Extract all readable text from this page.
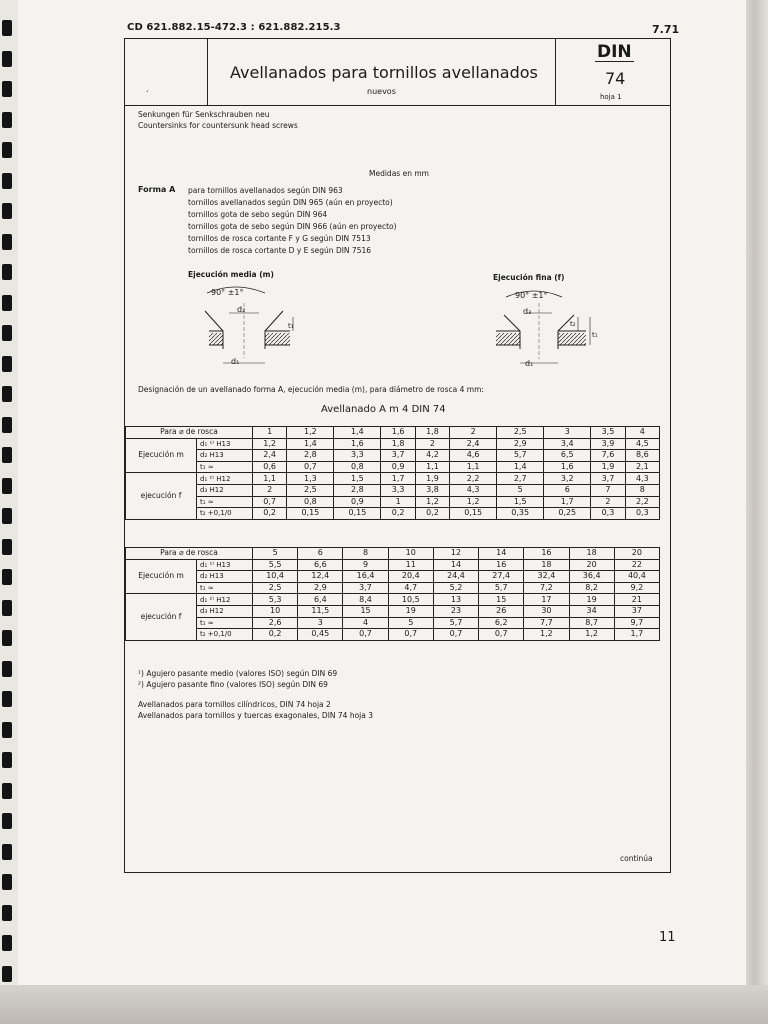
CD 621.882.15-472.3 : 621.882.215.3	7.71
ˏ
Avellanados para tornillos avellanados
nuevos
DIN
74
hoja 1
Senkungen für Senkschrauben neu
Countersinks for countersunk head screws
Medidas en mm
Forma A para tornillos avellanados según DIN 963
tornillos avellanados según DIN 965 (aún en proyecto)
tornillos gota de sebo según DIN 964
tornillos gota de sebo según DIN 966 (aún en proyecto)
tornillos de rosca cortante F y G según DIN 7513
tornillos de rosca cortante D y E según DIN 7516
Ejecución media (m)	Ejecución fina (f)
90° ±1°
d₂
t₁
d₁
90° ±1°
d₃
t₂
t₁
d₁
Designación de un avellanado forma A, ejecución media (m), para diámetro de rosca 4 mm:
Avellanado A m 4 DIN 74
Para ⌀ de rosca		1	1,2	1,4	1,6	1,8	2	2,5	3	3,5	4
Ejecución m	d₁ ¹⁾ H13	1,2	1,4	1,6	1,8	2	2,4	2,9	3,4	3,9	4,5
	d₂ H13	2,4	2,8	3,3	3,7	4,2	4,6	5,7	6,5	7,6	8,6
	t₁ ≈	0,6	0,7	0,8	0,9	1,1	1,1	1,4	1,6	1,9	2,1
ejecución f	d₁ ²⁾ H12	1,1	1,3	1,5	1,7	1,9	2,2	2,7	3,2	3,7	4,3
	d₃ H12	2	2,5	2,8	3,3	3,8	4,3	5	6	7	8
	t₁ ≈	0,7	0,8	0,9	1	1,2	1,2	1,5	1,7	2	2,2
	t₂ +0,1/0	0,2	0,15	0,15	0,2	0,2	0,15	0,35	0,25	0,3	0,3
Para ⌀ de rosca		5	6	8	10	12	14	16	18	20
Ejecución m	d₁ ¹⁾ H13	5,5	6,6	9	11	14	16	18	20	22
	d₂ H13	10,4	12,4	16,4	20,4	24,4	27,4	32,4	36,4	40,4
	t₁ ≈	2,5	2,9	3,7	4,7	5,2	5,7	7,2	8,2	9,2
ejecución f	d₁ ²⁾ H12	5,3	6,4	8,4	10,5	13	15	17	19	21
	d₃ H12	10	11,5	15	19	23	26	30	34	37
	t₁ ≈	2,6	3	4	5	5,7	6,2	7,7	8,7	9,7
	t₂ +0,1/0	0,2	0,45	0,7	0,7	0,7	0,7	1,2	1,2	1,7
¹) Agujero pasante medio (valores ISO) según DIN 69
²) Agujero pasante fino (valores ISO) según DIN 69
Avellanados para tornillos cilíndricos, DIN 74 hoja 2
Avellanados para tornillos y tuercas exagonales, DIN 74 hoja 3
continúa
11
